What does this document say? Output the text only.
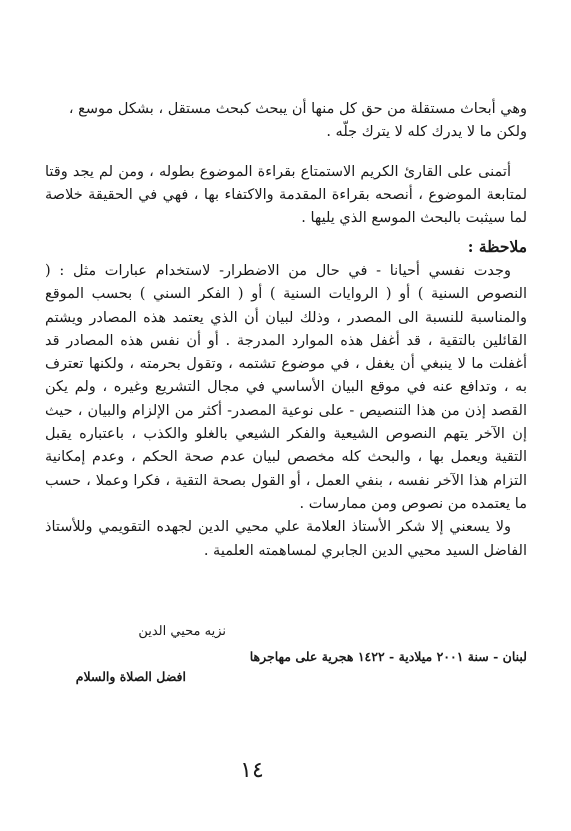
وهي أبحاث مستقلة من حق كل منها أن يبحث كبحث مستقل ، بشكل موسع ،

ولكن ما لا يدرك كله لا يترك جلّه .

أتمنى على القارئ الكريم الاستمتاع بقراءة الموضوع بطوله ، ومن لم يجد وقتا لمتابعة الموضوع ، أنصحه بقراءة المقدمة والاكتفاء بها ، فهي في الحقيقة خلاصة لما سيثبت بالبحث الموسع الذي يليها .

ملاحظة :

وجدت نفسي أحيانا - في حال من الاضطرار- لاستخدام عبارات مثل : ( النصوص السنية ) أو ( الروايات السنية ) أو ( الفكر السني ) بحسب الموقع والمناسبة للنسبة الى المصدر ، وذلك لبيان أن الذي يعتمد هذه المصادر ويشتم القائلين بالتقية ، قد أغفل هذه الموارد المدرجة . أو أن نفس هذه المصادر قد أغفلت ما لا ينبغي أن يغفل ، في موضوع تشتمه ، وتقول بحرمته ، ولكنها تعترف به ، وتدافع عنه في موقع البيان الأساسي في مجال التشريع وغيره ، ولم يكن القصد إذن من هذا التنصيص - على نوعية المصدر- أكثر من الإلزام والبيان ، حيث إن الآخر يتهم النصوص الشيعية والفكر الشيعي بالغلو والكذب ، باعتباره يقبل التقية ويعمل بها ، والبحث كله مخصص لبيان عدم صحة الحكم ، وعدم إمكانية التزام هذا الآخر نفسه ، بنفي العمل ، أو القول بصحة التقية ، فكرا وعملا ، حسب ما يعتمده من نصوص ومن ممارسات .

ولا يسعني إلا شكر الأستاذ العلامة علي محيي الدين لجهده التقويمي وللأستاذ الفاضل السيد محيي الدين الجابري لمساهمته العلمية .

نزيه محيي الدين
لبنان - سنة ٢٠٠١ ميلادية - ١٤٢٢ هجرية على مهاجرها
افضل الصلاة والسلام
١٤
